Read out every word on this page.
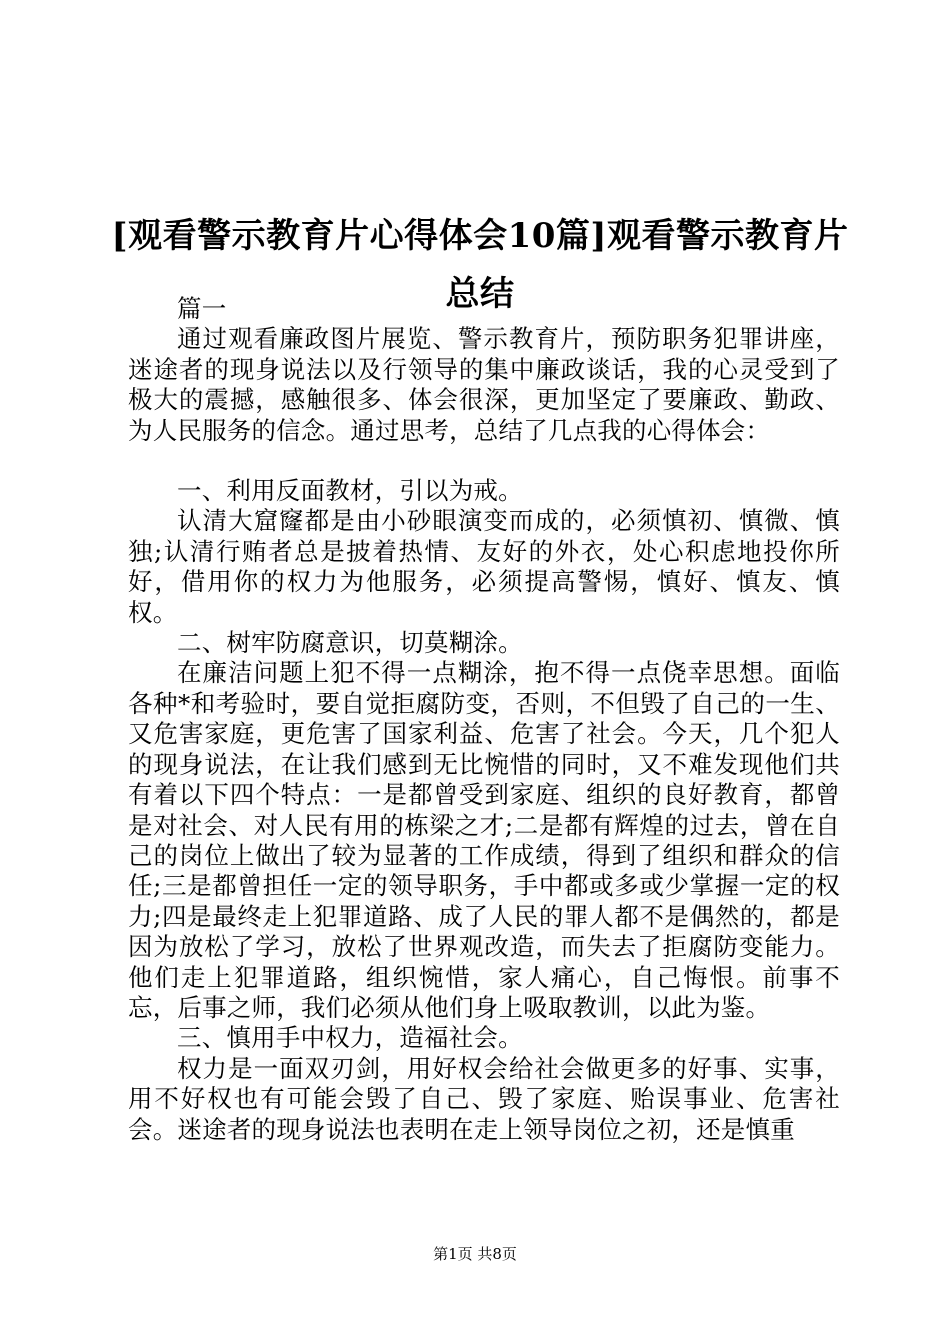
[观看警示教育片心得体会10篇]观看警示教育片总结

篇一

通过观看廉政图片展览、警示教育片，预防职务犯罪讲座，迷途者的现身说法以及行领导的集中廉政谈话，我的心灵受到了极大的震撼，感触很多、体会很深，更加坚定了要廉政、勤政、为人民服务的信念。通过思考，总结了几点我的心得体会：

一、利用反面教材，引以为戒。

认清大窟窿都是由小砂眼演变而成的，必须慎初、慎微、慎独;认清行贿者总是披着热情、友好的外衣，处心积虑地投你所好，借用你的权力为他服务，必须提高警惕，慎好、慎友、慎权。

二、树牢防腐意识，切莫糊涂。

在廉洁问题上犯不得一点糊涂，抱不得一点侥幸思想。面临各种*和考验时，要自觉拒腐防变，否则，不但毁了自己的一生、又危害家庭，更危害了国家利益、危害了社会。今天，几个犯人的现身说法，在让我们感到无比惋惜的同时，又不难发现他们共有着以下四个特点：一是都曾受到家庭、组织的良好教育，都曾是对社会、对人民有用的栋梁之才;二是都有辉煌的过去，曾在自己的岗位上做出了较为显著的工作成绩，得到了组织和群众的信任;三是都曾担任一定的领导职务，手中都或多或少掌握一定的权力;四是最终走上犯罪道路、成了人民的罪人都不是偶然的，都是因为放松了学习，放松了世界观改造，而失去了拒腐防变能力。他们走上犯罪道路，组织惋惜，家人痛心，自己悔恨。前事不忘，后事之师，我们必须从他们身上吸取教训，以此为鉴。

三、慎用手中权力，造福社会。

权力是一面双刃剑，用好权会给社会做更多的好事、实事，用不好权也有可能会毁了自己、毁了家庭、贻误事业、危害社会。迷途者的现身说法也表明在走上领导岗位之初，还是慎重

第1页 共8页
